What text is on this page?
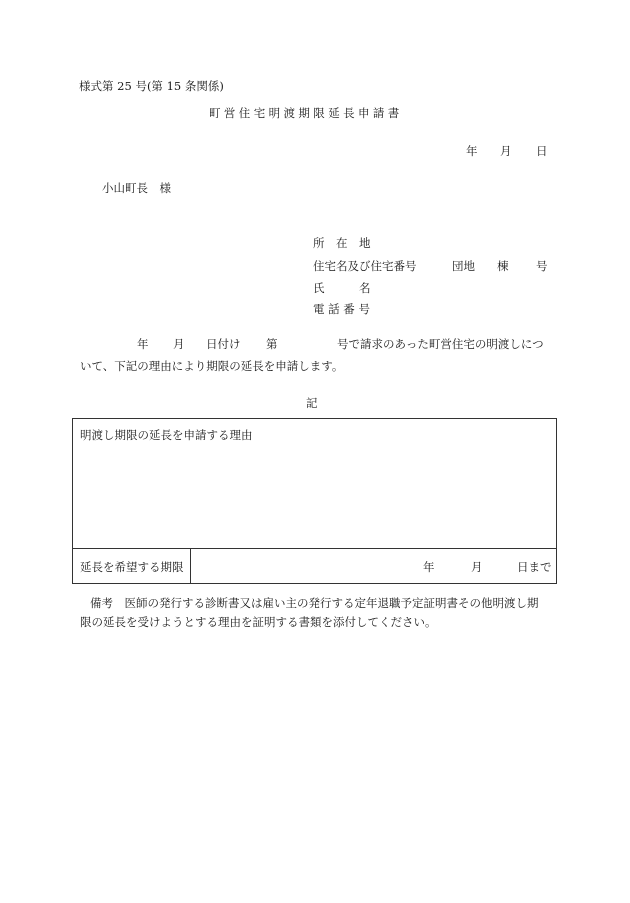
様式第 25 号(第 15 条関係)
町営住宅明渡期限延長申請書
年 月 日
小山町長　様
所　在　地
住宅名及び住宅番号	団地 棟 号
氏　　　名
電 話 番 号
年 月 日付け 第	号で請求のあった町営住宅の明渡しにつ
いて、下記の理由により期限の延長を申請します。
記
明渡し期限の延長を申請する理由
延長を希望する期限	年	月	日まで
備考　医師の発行する診断書又は雇い主の発行する定年退職予定証明書その他明渡し期
限の延長を受けようとする理由を証明する書類を添付してください。
